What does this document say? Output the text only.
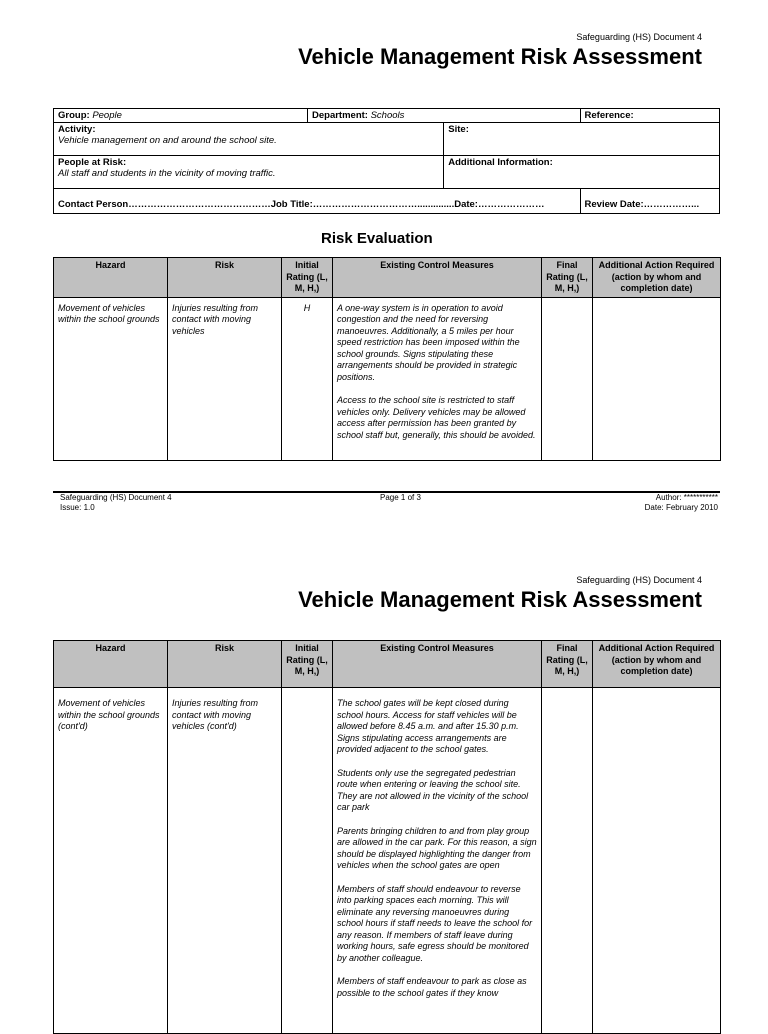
Safeguarding (HS) Document 4
Vehicle Management Risk Assessment
Group: People	Department: Schools		Reference:

Activity:
Vehicle management on and around the school site.		Site:	

People at Risk:
All staff and students in the vicinity of moving traffic.		Additional Information:	

Contact Person………………………………………Job Title:……………………………..............Date:…………………			Review Date:……………...
Risk Evaluation
Hazard	Risk	Initial Rating (L, M, H,)	Existing Control Measures	Final Rating (L, M, H,)	Additional Action Required (action by whom and completion date)
Movement of vehicles within the school grounds	Injuries resulting from contact with moving vehicles	H	A one-way system is in operation to avoid congestion and the need for reversing manoeuvres. Additionally, a 5 miles per hour speed restriction has been imposed within the school grounds. Signs stipulating these arrangements should be provided in strategic positions.

Access to the school site is restricted to staff vehicles only. Delivery vehicles may be allowed access after permission has been granted by school staff but, generally, this should be avoided.		

Safeguarding (HS) Document 4
Issue: 1.0
Page 1 of 3	Author: ***********
Date: February 2010
Safeguarding (HS) Document 4
Vehicle Management Risk Assessment
Hazard	Risk	Initial Rating (L, M, H,)	Existing Control Measures	Final Rating (L, M, H,)	Additional Action Required (action by whom and completion date)
Movement of vehicles within the school grounds (cont'd)	Injuries resulting from contact with moving vehicles (cont'd)		The school gates will be kept closed during school hours. Access for staff vehicles will be allowed before 8.45 a.m. and after 15.30 p.m. Signs stipulating access arrangements are provided adjacent to the school gates.

Students only use the segregated pedestrian route when entering or leaving the school site. They are not allowed in the vicinity of the school car park

Parents bringing children to and from play group are allowed in the car park. For this reason, a sign should be displayed highlighting the danger from vehicles when the school gates are open

Members of staff should endeavour to reverse into parking spaces each morning. This will eliminate any reversing manoeuvres during school hours if staff needs to leave the school for any reason. If members of staff leave during working hours, safe egress should be monitored by another colleague.

Members of staff endeavour to park as close as possible to the school gates if they know		
